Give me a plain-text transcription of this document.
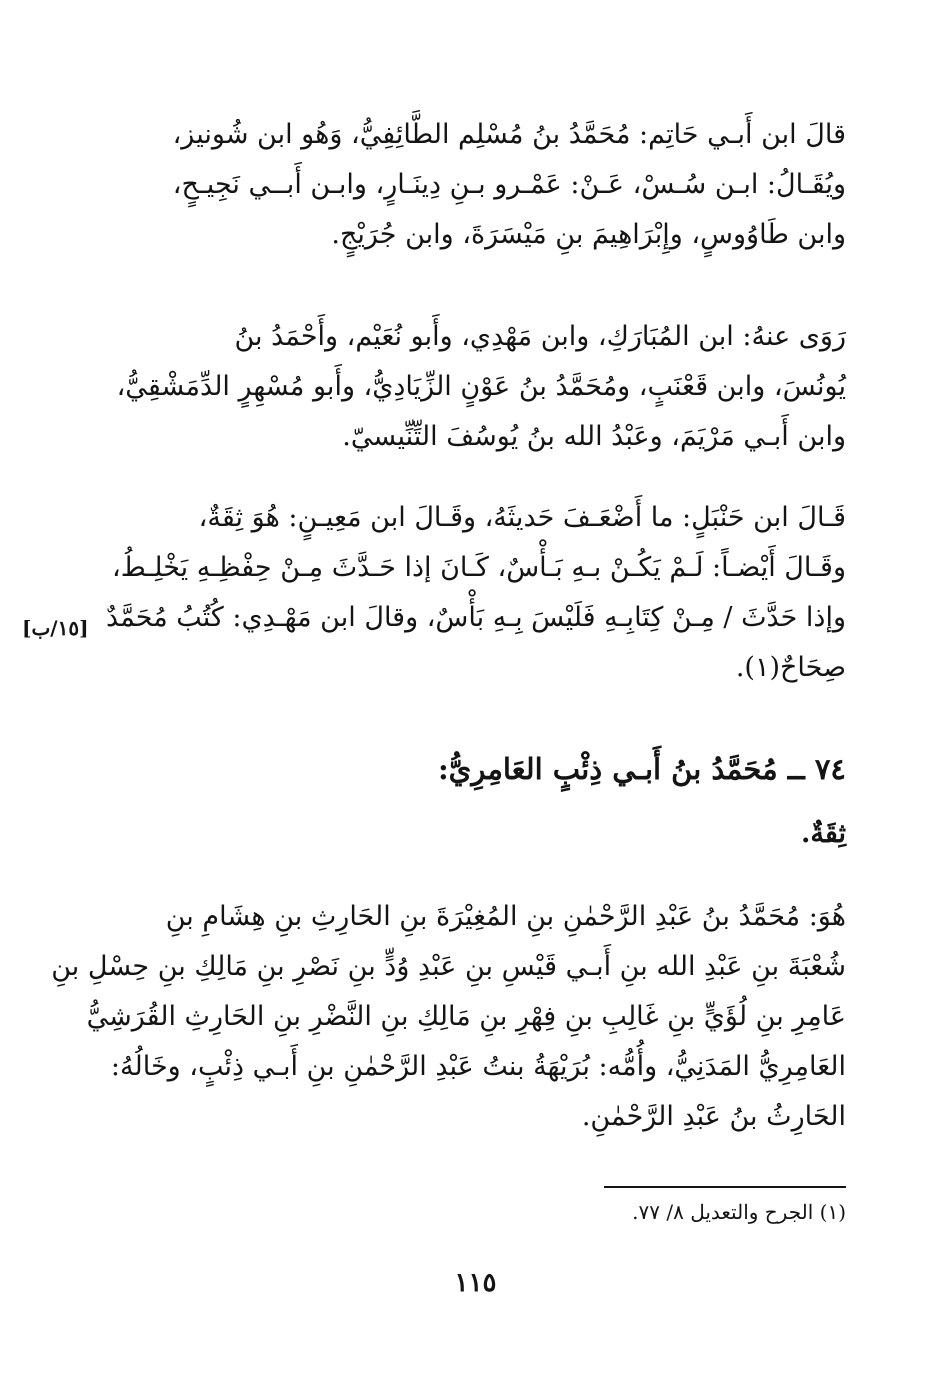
قالَ ابن أَبـي حَاتِم: مُحَمَّدُ بنُ مُسْلِم الطَّائِفِيُّ، وَهُو ابن شُونيز،
ويُقَـالُ: ابـن سُـسْ، عَـنْ: عَمْـرو بـنِ دِينَـارٍ، وابـن أَبــي نَجِيـحٍ،
وابن طَاوُوسٍ، وإِبْرَاهِيمَ بنِ مَيْسَرَةَ، وابن جُرَيْجٍ.
رَوَى عنهُ: ابن المُبَارَكِ، وابن مَهْدِي، وأَبو نُعَيْم، وأَحْمَدُ بنُ
يُونُسَ، وابن قَعْنَبٍ، ومُحَمَّدُ بنُ عَوْنٍ الزِّيَادِيُّ، وأَبو مُسْهِرٍ الدِّمَشْقِيُّ،
وابن أَبـي مَرْيَمَ، وعَبْدُ الله بنُ يُوسُفَ التِّنِّيسيّ.
قَـالَ ابن حَنْبَلٍ: ما أَضْعَـفَ حَديثَهُ، وقَـالَ ابن مَعِيـنٍ: هُوَ ثِقَةٌ،
وقَـالَ أَيْضـاً: لَـمْ يَكُـنْ بـهِ بَـأْسٌ، كَـانَ إذا حَـدَّثَ مِـنْ حِفْظِـهِ يَخْلِـطُ،
وإذا حَدَّثَ / مِـنْ كِتَابِـهِ فَلَيْسَ بِـهِ بَأْسٌ، وقالَ ابن مَهْـدِي: كُتُبُ مُحَمَّدٌ
صِحَاحٌ(١).
[١٥/ب]
٧٤ ــ مُحَمَّدُ بنُ أَبـي ذِئْبٍ العَامِرِيُّ:
ثِقَةٌ.
هُوَ: مُحَمَّدُ بنُ عَبْدِ الرَّحْمٰنِ بنِ المُغِيْرَةَ بنِ الحَارِثِ بنِ هِشَامِ بنِ
شُعْبَةَ بنِ عَبْدِ الله بنِ أَبـي قَيْسِ بنِ عَبْدِ وُدٍّ بنِ نَصْرِ بنِ مَالِكِ بنِ حِسْلِ بنِ
عَامِرِ بنِ لُؤَيٍّ بنِ غَالِبِ بنِ فِهْرِ بنِ مَالِكِ بنِ النَّضْرِ بنِ الحَارِثِ القُرَشِيُّ
العَامِرِيُّ المَدَنِيُّ، وأُمُّه: بُرَيْهَةُ بنتُ عَبْدِ الرَّحْمٰنِ بنِ أَبـي ذِئْبٍ، وخَالُهُ:
الحَارِثُ بنُ عَبْدِ الرَّحْمٰنِ.
(١) الجرح والتعديل ٨/ ٧٧.
١١٥
